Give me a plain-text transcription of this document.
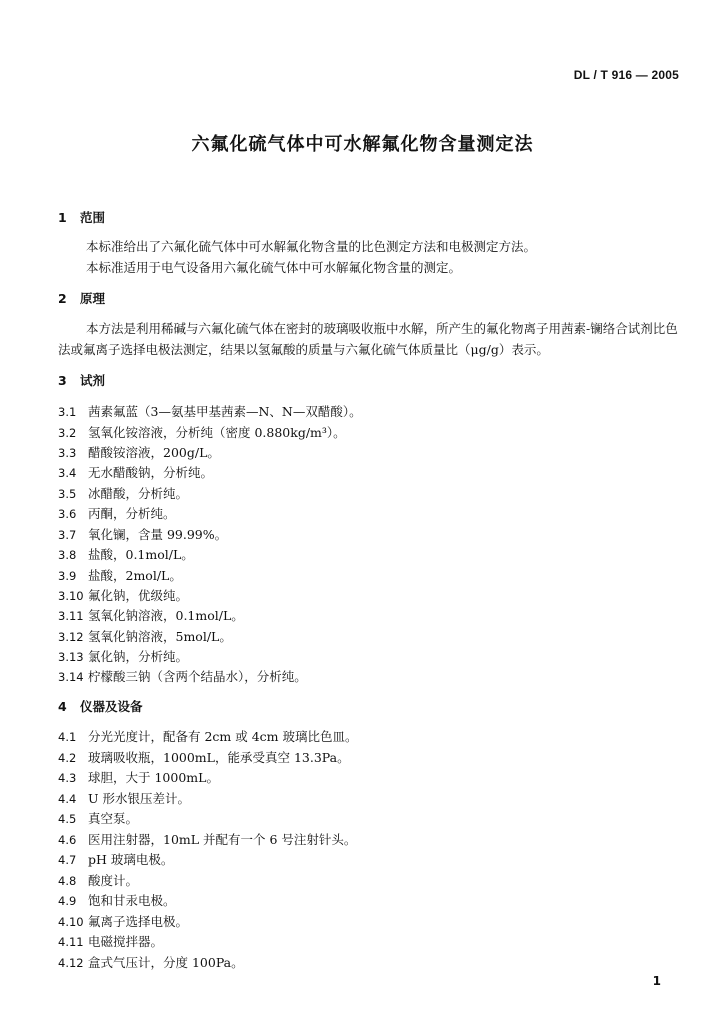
DL / T 916 — 2005
六氟化硫气体中可水解氟化物含量测定法
1 范围
本标准给出了六氟化硫气体中可水解氟化物含量的比色测定方法和电极测定方法。
本标准适用于电气设备用六氟化硫气体中可水解氟化物含量的测定。
2 原理
本方法是利用稀碱与六氟化硫气体在密封的玻璃吸收瓶中水解，所产生的氟化物离子用茜素-镧络合试剂比色法或氟离子选择电极法测定，结果以氢氟酸的质量与六氟化硫气体质量比（μg/g）表示。
3 试剂
3.1 茜素氟蓝（3—氨基甲基茜素—N、N—双醋酸）。
3.2 氢氧化铵溶液，分析纯（密度 0.880kg/m³）。
3.3 醋酸铵溶液，200g/L。
3.4 无水醋酸钠，分析纯。
3.5 冰醋酸，分析纯。
3.6 丙酮，分析纯。
3.7 氧化镧，含量 99.99%。
3.8 盐酸，0.1mol/L。
3.9 盐酸，2mol/L。
3.10 氟化钠，优级纯。
3.11 氢氧化钠溶液，0.1mol/L。
3.12 氢氧化钠溶液，5mol/L。
3.13 氯化钠，分析纯。
3.14 柠檬酸三钠（含两个结晶水），分析纯。
4 仪器及设备
4.1 分光光度计，配备有 2cm 或 4cm 玻璃比色皿。
4.2 玻璃吸收瓶，1000mL，能承受真空 13.3Pa。
4.3 球胆，大于 1000mL。
4.4 U 形水银压差计。
4.5 真空泵。
4.6 医用注射器，10mL 并配有一个 6 号注射针头。
4.7 pH 玻璃电极。
4.8 酸度计。
4.9 饱和甘汞电极。
4.10 氟离子选择电极。
4.11 电磁搅拌器。
4.12 盒式气压计，分度 100Pa。
1
